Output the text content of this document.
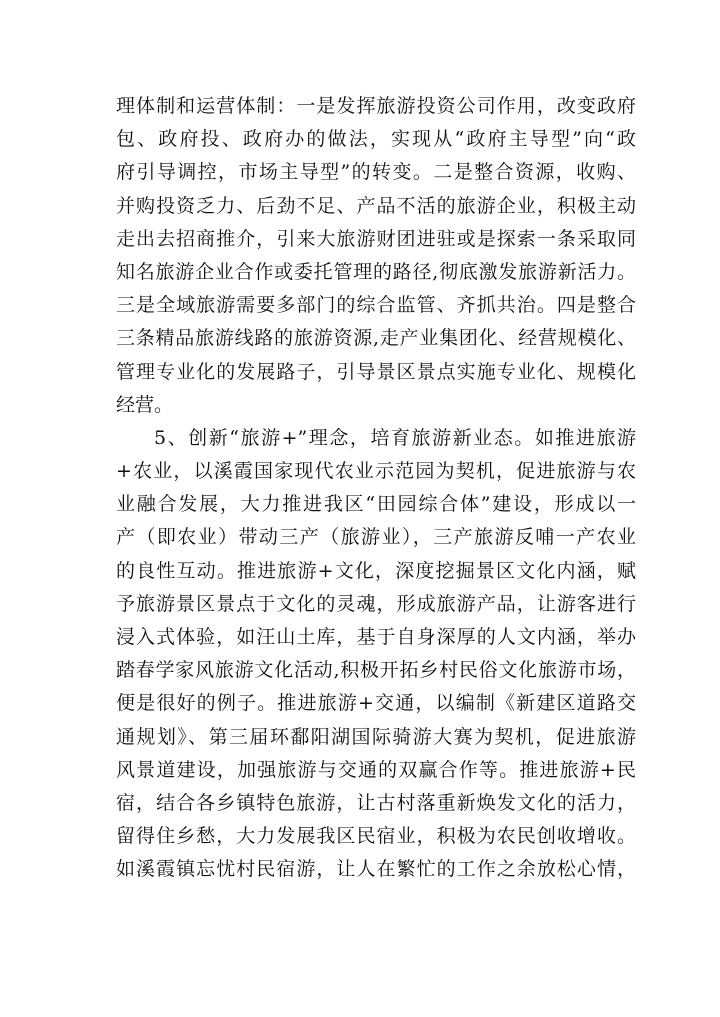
理体制和运营体制：一是发挥旅游投资公司作用，改变政府
包、政府投、政府办的做法，实现从“政府主导型”向“政
府引导调控，市场主导型”的转变。二是整合资源，收购、
并购投资乏力、后劲不足、产品不活的旅游企业，积极主动
走出去招商推介，引来大旅游财团进驻或是探索一条采取同
知名旅游企业合作或委托管理的路径,彻底激发旅游新活力。
三是全域旅游需要多部门的综合监管、齐抓共治。四是整合
三条精品旅游线路的旅游资源,走产业集团化、经营规模化、
管理专业化的发展路子，引导景区景点实施专业化、规模化
经营。
5、创新“旅游+”理念，培育旅游新业态。如推进旅游
+农业，以溪霞国家现代农业示范园为契机，促进旅游与农
业融合发展，大力推进我区“田园综合体”建设，形成以一
产（即农业）带动三产（旅游业），三产旅游反哺一产农业
的良性互动。推进旅游+文化，深度挖掘景区文化内涵，赋
予旅游景区景点于文化的灵魂，形成旅游产品，让游客进行
浸入式体验，如汪山土库，基于自身深厚的人文内涵，举办
踏春学家风旅游文化活动,积极开拓乡村民俗文化旅游市场，
便是很好的例子。推进旅游+交通，以编制《新建区道路交
通规划》、第三届环鄱阳湖国际骑游大赛为契机，促进旅游
风景道建设，加强旅游与交通的双赢合作等。推进旅游+民
宿，结合各乡镇特色旅游，让古村落重新焕发文化的活力，
留得住乡愁，大力发展我区民宿业，积极为农民创收增收。
如溪霞镇忘忧村民宿游，让人在繁忙的工作之余放松心情，
